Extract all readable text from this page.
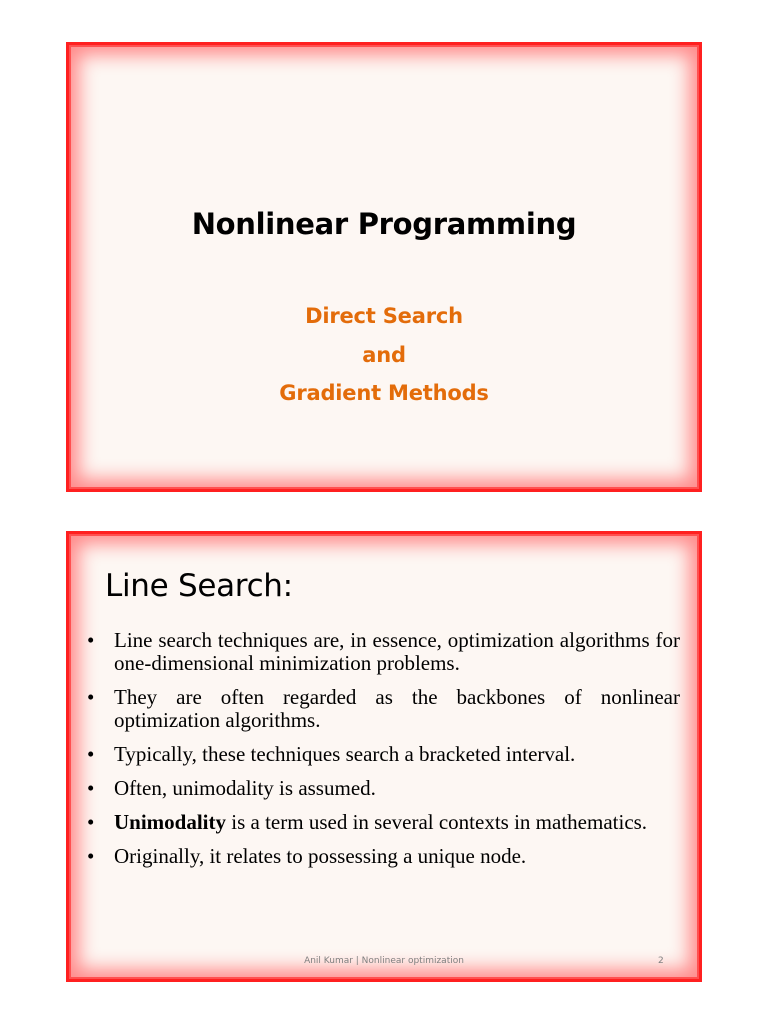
Nonlinear Programming
Direct Search
and
Gradient Methods
Line Search:
• Line search techniques are, in essence, optimization algorithms for one-dimensional minimization problems.
• They are often regarded as the backbones of nonlinear optimization algorithms.
• Typically, these techniques search a bracketed interval.
• Often, unimodality is assumed.
• Unimodality is a term used in several contexts in mathematics.
• Originally, it relates to possessing a unique node.
Anil Kumar | Nonlinear optimization	2
